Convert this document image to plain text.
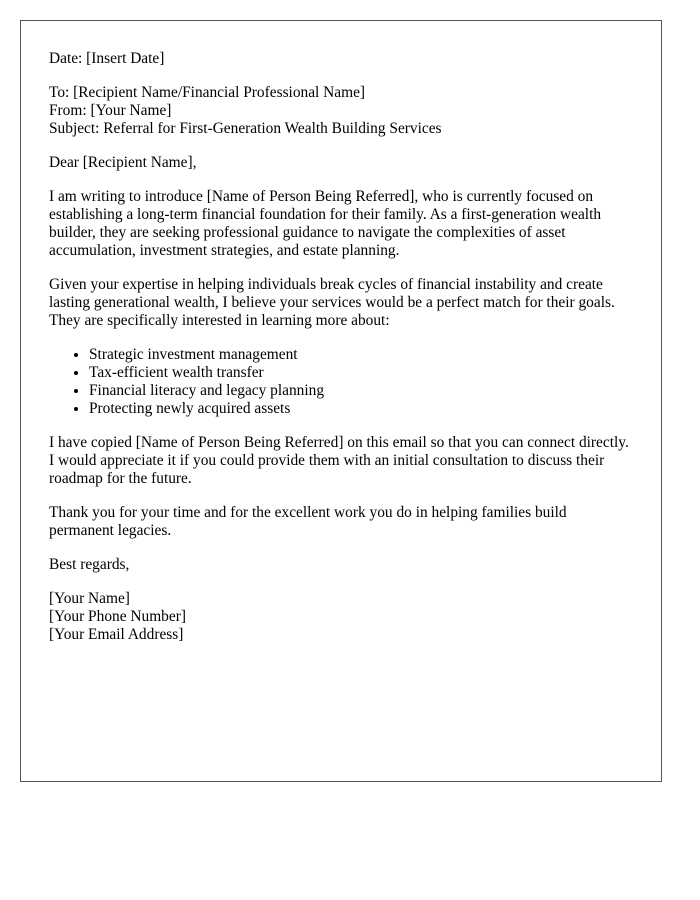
Date: [Insert Date]

To: [Recipient Name/Financial Professional Name]
From: [Your Name]
Subject: Referral for First-Generation Wealth Building Services

Dear [Recipient Name],

I am writing to introduce [Name of Person Being Referred], who is currently focused on establishing a long-term financial foundation for their family. As a first-generation wealth builder, they are seeking professional guidance to navigate the complexities of asset accumulation, investment strategies, and estate planning.

Given your expertise in helping individuals break cycles of financial instability and create lasting generational wealth, I believe your services would be a perfect match for their goals. They are specifically interested in learning more about:

• Strategic investment management
• Tax-efficient wealth transfer
• Financial literacy and legacy planning
• Protecting newly acquired assets

I have copied [Name of Person Being Referred] on this email so that you can connect directly. I would appreciate it if you could provide them with an initial consultation to discuss their roadmap for the future.

Thank you for your time and for the excellent work you do in helping families build permanent legacies.

Best regards,

[Your Name]
[Your Phone Number]
[Your Email Address]
